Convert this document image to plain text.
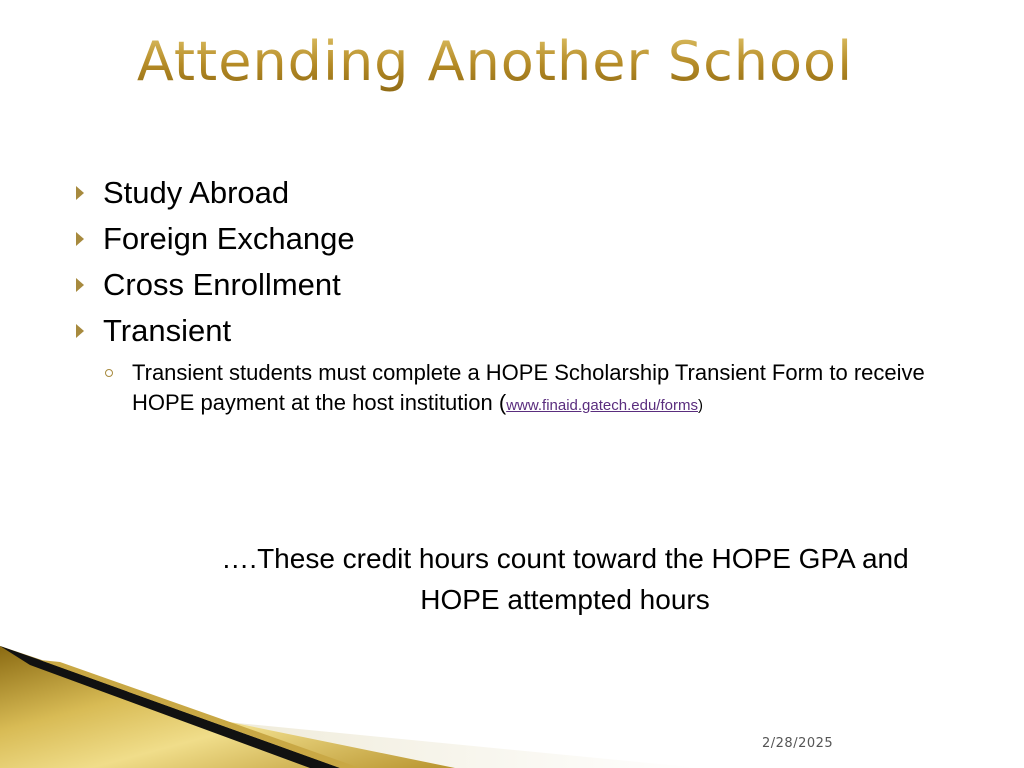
Attending Another School
Study Abroad
Foreign Exchange
Cross Enrollment
Transient
Transient students must complete a HOPE Scholarship Transient Form to receive HOPE payment at the host institution (www.finaid.gatech.edu/forms)
….These credit hours count toward the HOPE GPA and
HOPE attempted hours
2/28/2025
